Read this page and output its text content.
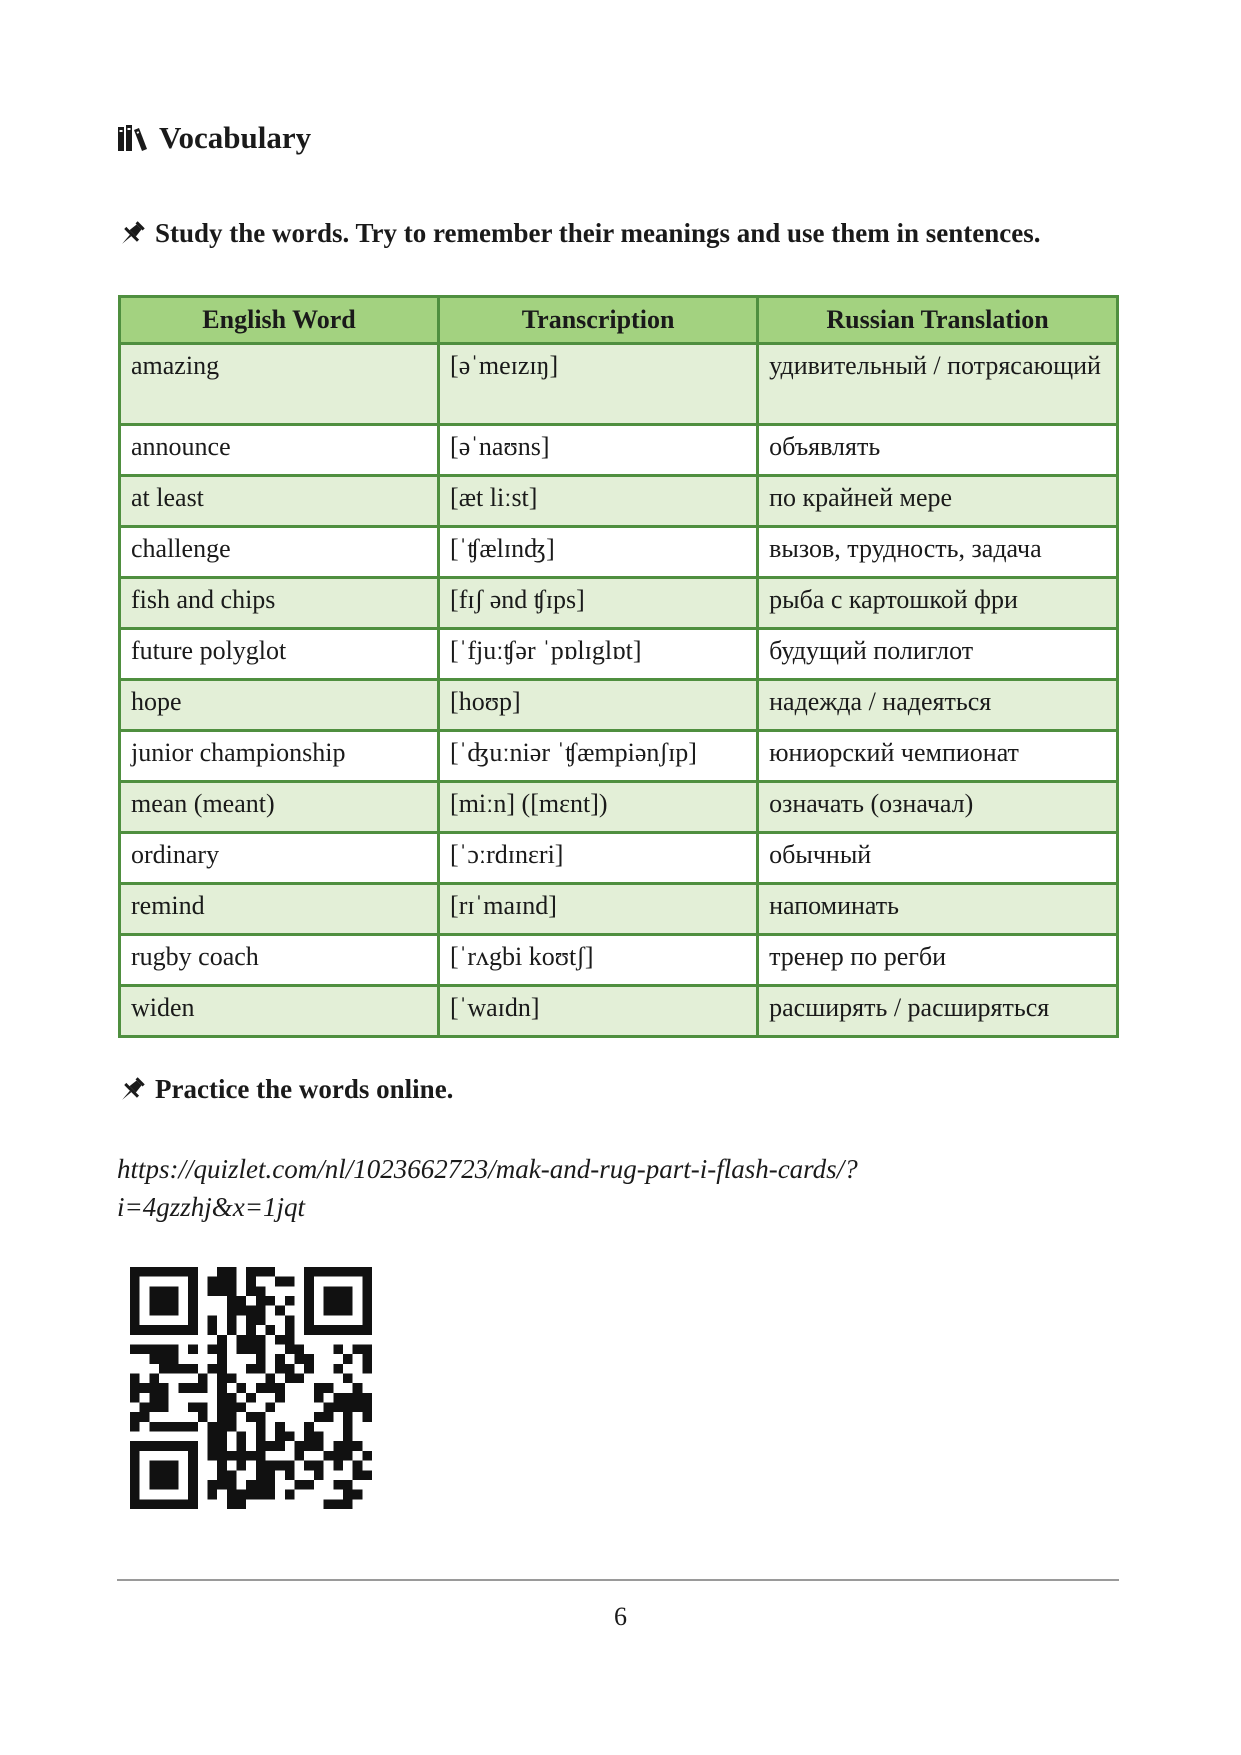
Vocabulary
Study the words. Try to remember their meanings and use them in sentences.
English Word	Transcription	Russian Translation
amazing	[əˈmeɪzɪŋ]	удивительный / потрясающий
announce	[əˈnaʊns]	объявлять
at least	[æt liːst]	по крайней мере
challenge	[ˈʧælɪnʤ]	вызов, трудность, задача
fish and chips	[fɪʃ ənd ʧɪps]	рыба с картошкой фри
future polyglot	[ˈfjuːʧər ˈpɒlɪglɒt]	будущий полиглот
hope	[hoʊp]	надежда / надеяться
junior championship	[ˈʤuːniər ˈʧæmpiənʃɪp]	юниорский чемпионат
mean (meant)	[miːn] ([mɛnt])	означать (означал)
ordinary	[ˈɔːrdɪnɛri]	обычный
remind	[rɪˈmaɪnd]	напоминать
rugby coach	[ˈrʌgbi koʊtʃ]	тренер по регби
widen	[ˈwaɪdn]	расширять / расширяться
Practice the words online.
https://quizlet.com/nl/1023662723/mak-and-rug-part-i-flash-cards/?i=4gzzhj&x=1jqt
6
